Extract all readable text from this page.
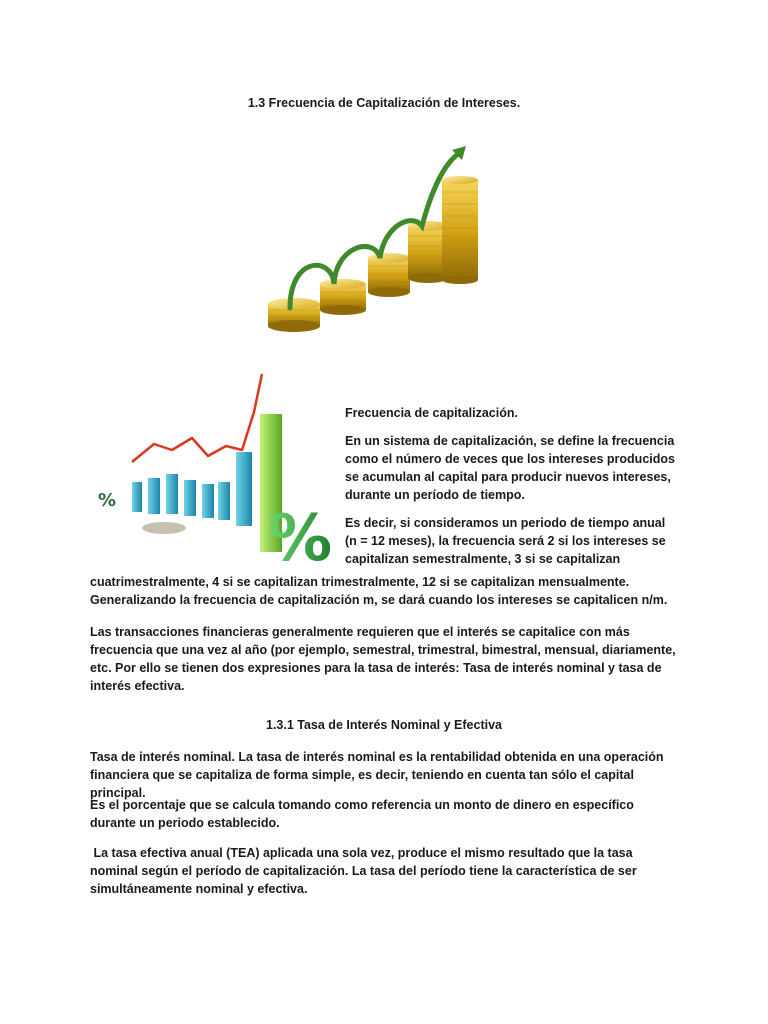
1.3 Frecuencia de Capitalización de Intereses.
%
%

Frecuencia de capitalización.

En un sistema de capitalización, se define la frecuencia como el número de veces que los intereses producidos se acumulan al capital para producir nuevos intereses, durante un período de tiempo.

Es decir, si consideramos un periodo de tiempo anual (n = 12 meses), la frecuencia será 2 si los intereses se capitalizan semestralmente, 3 si se capitalizan

cuatrimestralmente, 4 si se capitalizan trimestralmente, 12 si se capitalizan mensualmente. Generalizando la frecuencia de capitalización m, se dará cuando los intereses se capitalicen n/m.

Las transacciones financieras generalmente requieren que el interés se capitalice con más frecuencia que una vez al año (por ejemplo, semestral, trimestral, bimestral, mensual, diariamente, etc. Por ello se tienen dos expresiones para la tasa de interés: Tasa de interés nominal y tasa de interés efectiva.

1.3.1 Tasa de Interés Nominal y Efectiva

Tasa de interés nominal. La tasa de interés nominal es la rentabilidad obtenida en una operación financiera que se capitaliza de forma simple, es decir, teniendo en cuenta tan sólo el capital principal.

Es el porcentaje que se calcula tomando como referencia un monto de dinero en específico durante un periodo establecido.

La tasa efectiva anual (TEA) aplicada una sola vez, produce el mismo resultado que la tasa nominal según el período de capitalización. La tasa del período tiene la característica de ser simultáneamente nominal y efectiva.
